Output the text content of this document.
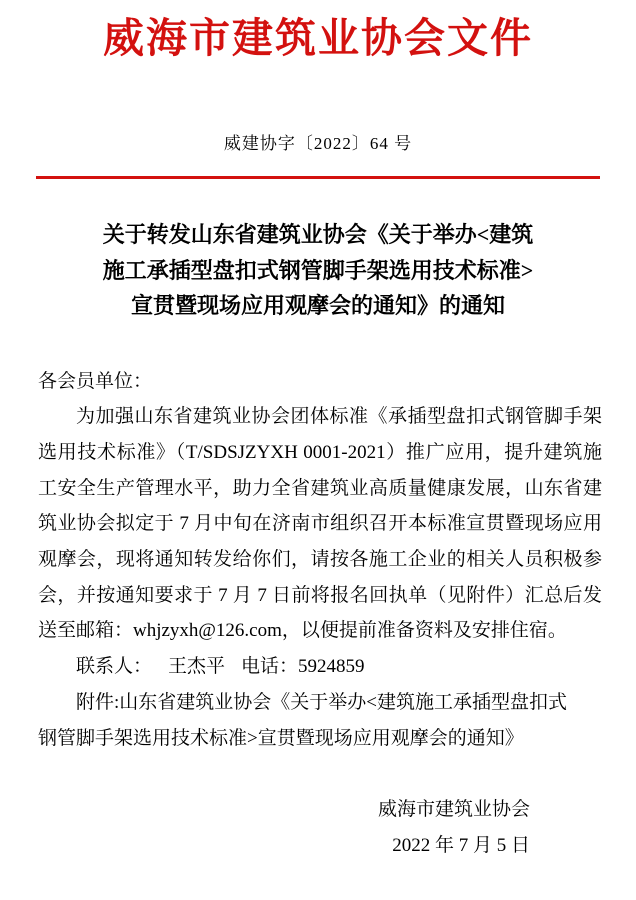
威海市建筑业协会文件
威建协字〔2022〕64 号
关于转发山东省建筑业协会《关于举办<建筑
施工承插型盘扣式钢管脚手架选用技术标准>
宣贯暨现场应用观摩会的通知》的通知
各会员单位：

为加强山东省建筑业协会团体标准《承插型盘扣式钢管脚手架选用技术标准》（T/SDSJZYXH 0001-2021）推广应用，提升建筑施工安全生产管理水平，助力全省建筑业高质量健康发展，山东省建筑业协会拟定于 7 月中旬在济南市组织召开本标准宣贯暨现场应用观摩会，现将通知转发给你们，请按各施工企业的相关人员积极参会，并按通知要求于 7 月 7 日前将报名回执单（见附件）汇总后发送至邮箱：whjzyxh@126.com，以便提前准备资料及安排住宿。

联系人： 王杰平 电话：5924859
附件:山东省建筑业协会《关于举办<建筑施工承插型盘扣式
钢管脚手架选用技术标准>宣贯暨现场应用观摩会的通知》
威海市建筑业协会
2022 年 7 月 5 日
